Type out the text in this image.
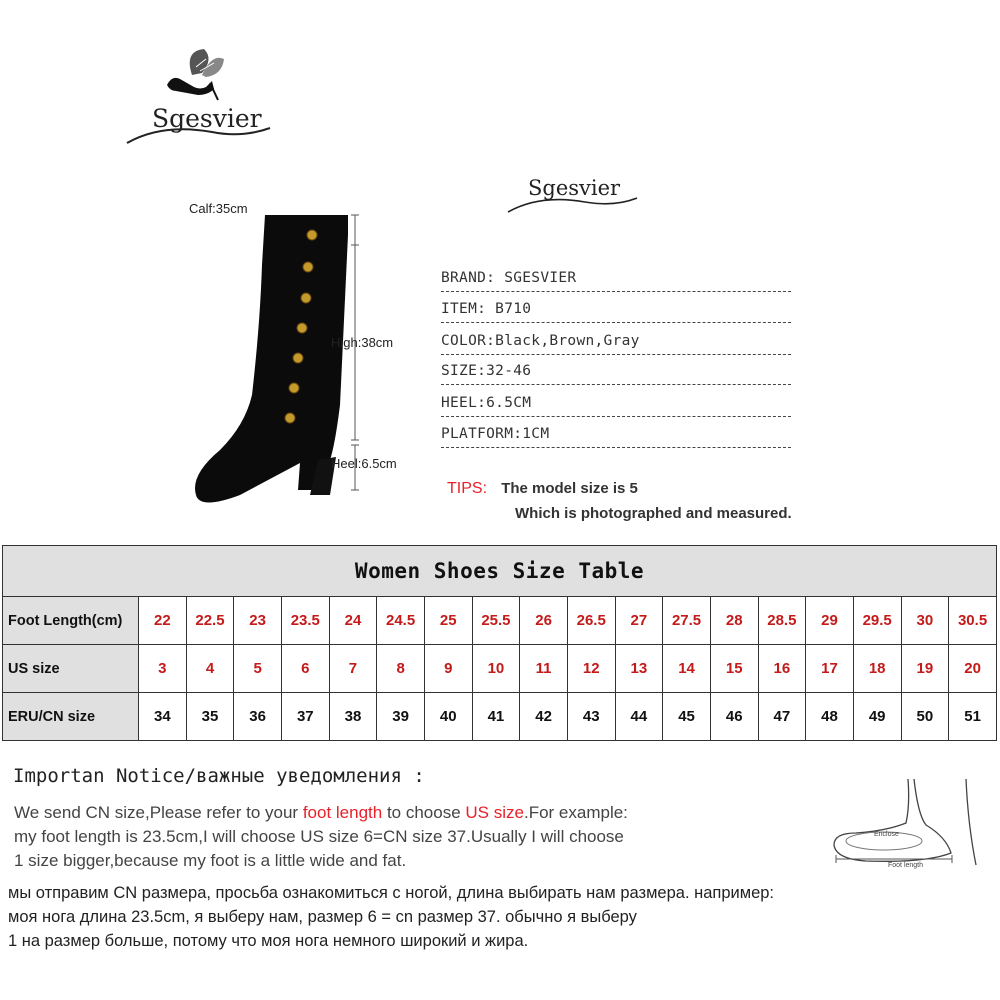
Sgesvier
Sgesvier
Calf:35cm
High:38cm
Heel:6.5cm
BRAND: SGESVIER
ITEM: B710
COLOR:Black,Brown,Gray
SIZE:32-46
HEEL:6.5CM
PLATFORM:1CM
TIPS: The model size is 5
Which is photographed and measured.
Women Shoes Size Table																		
Foot Length(cm)	22	22.5	23	23.5	24	24.5	25	25.5	26	26.5	27	27.5	28	28.5	29	29.5	30	30.5
US size	3	4	5	6	7	8	9	10	11	12	13	14	15	16	17	18	19	20
ERU/CN size	34	35	36	37	38	39	40	41	42	43	44	45	46	47	48	49	50	51
Importan Notice/важные уведомления :
We send CN size,Please refer to your foot length to choose US size.For example:
my foot length is 23.5cm,I will choose US size 6=CN size 37.Usually I will choose
1 size bigger,because my foot is a little wide and fat.
мы отправим CN размера, просьба ознакомиться с ногой, длина выбирать нам размера. например:
моя нога длина 23.5cm, я выберу нам, размер 6 = cn размер 37. обычно я выберу
1 на размер больше, потому что моя нога немного широкий и жира.
Enclose
Foot length
